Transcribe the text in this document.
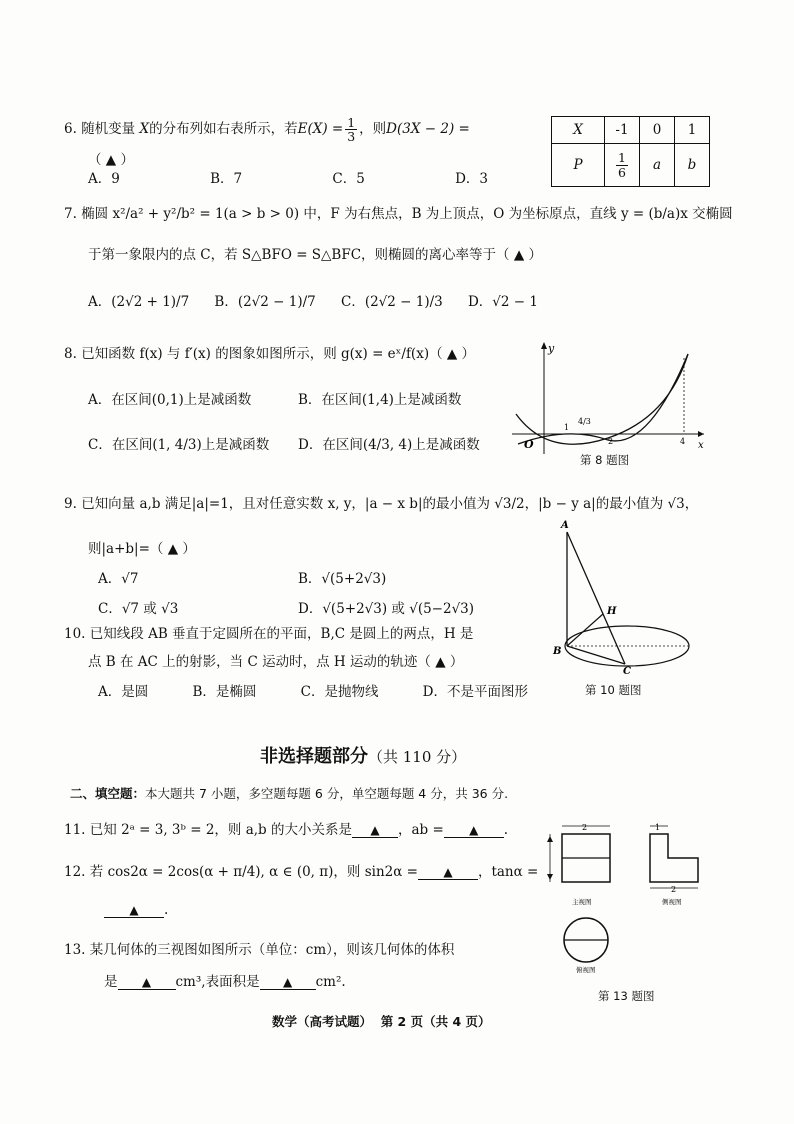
6. 随机变量 X的分布列如右表所示，若$E(X) = \frac{1}{3}$ ，则D(3X − 2) =
（ ▲ ）
A．9	B．7	C．5	D．3
X	-1	0	1
P	$\frac{1}{6}$	a	b
7. 椭圆 x²/a² + y²/b² = 1(a > b > 0) 中，F 为右焦点，B 为上顶点，O 为坐标原点，直线 y = (b/a)x 交椭圆
于第一象限内的点 C，若 S△BFO = S△BFC，则椭圆的离心率等于（ ▲ ）
A．(2√2 + 1)/7 B．(2√2 − 1)/7 C．(2√2 − 1)/3 D．√2 − 1
8. 已知函数 f(x) 与 f′(x) 的图象如图所示，则 g(x) = eˣ/f(x)（ ▲ ）
A．在区间(0,1)上是减函数	B．在区间(1,4)上是减函数
C．在区间(1, 4/3)上是减函数 D．在区间(4/3, 4)上是减函数
y
x
O
1
4/3
2	4
第 8 题图
9. 已知向量 a,b 满足|a|=1，且对任意实数 x, y，|a − x b|的最小值为 √3/2，|b − y a|的最小值为 √3，
则|a+b|=（ ▲ ）
A．√7	B．√(5+2√3)
C．√7 或 √3	D．√(5+2√3) 或 √(5−2√3)
10. 已知线段 AB 垂直于定圆所在的平面，B,C 是圆上的两点，H 是
点 B 在 AC 上的射影，当 C 运动时，点 H 运动的轨迹（ ▲ ）
A．是圆	B．是椭圆	C．是抛物线	D．不是平面图形
A
H
B
C
第 10 题图
非选择题部分（共 110 分）
二、填空题：本大题共 7 小题，多空题每题 6 分，单空题每题 4 分，共 36 分.
11. 已知 2ᵃ = 3, 3ᵇ = 2，则 a,b 的大小关系是 ▲ ，ab = ▲ .
12. 若 cos2α = 2cos(α + π/4), α ∈ (0, π)，则 sin2α = ▲ ，tanα =
▲ .
13. 某几何体的三视图如图所示（单位：cm），则该几何体的体积
是 ▲ cm³,表面积是 ▲ cm².
2
主视图
1
2
侧视图
俯视图
第 13 题图
数学（高考试题）  第 2 页（共 4 页）
